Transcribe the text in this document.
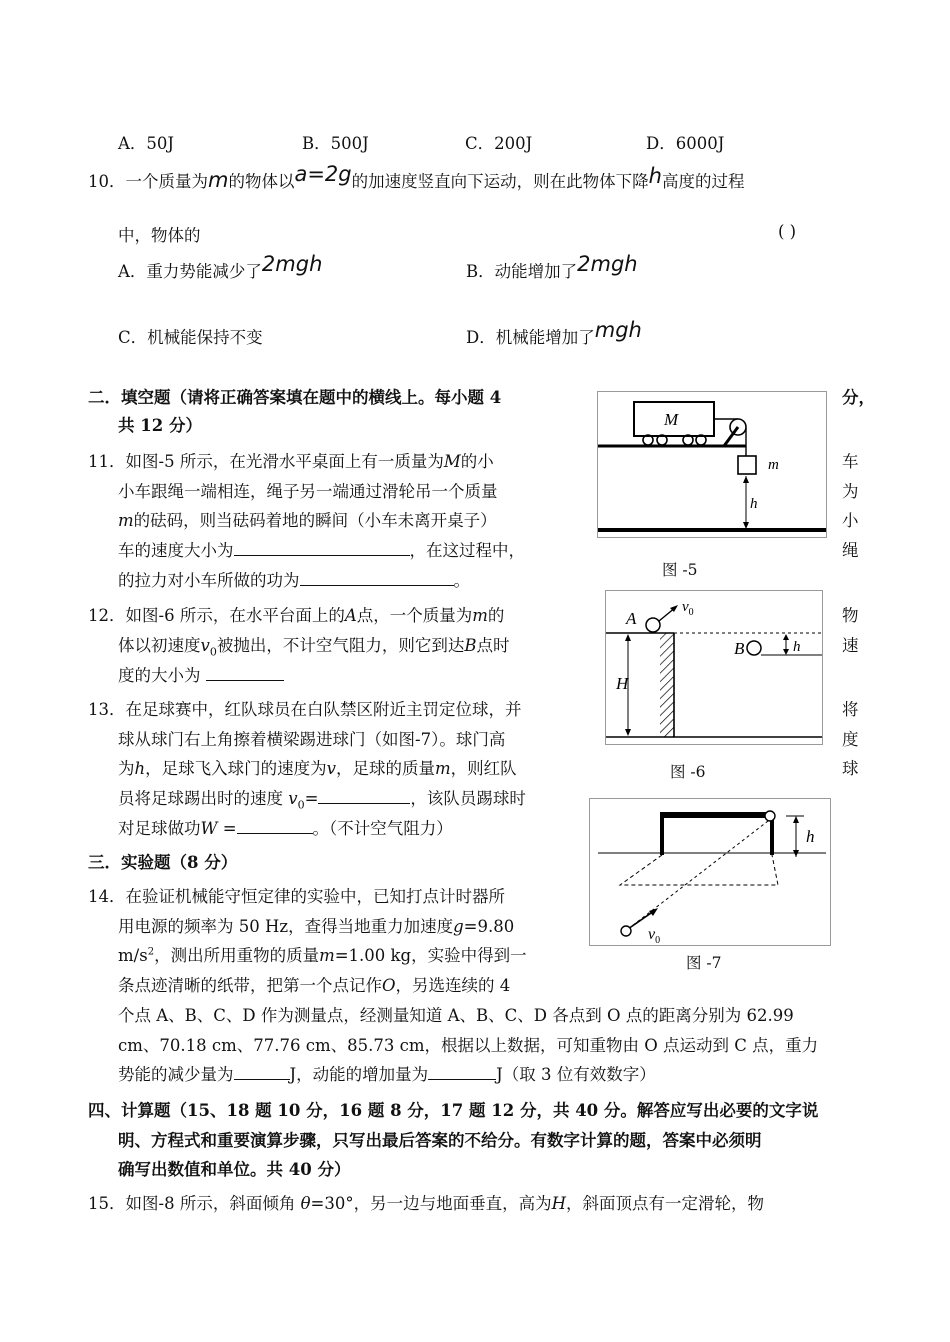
A．50J	B．500J	C．200J	D．6000J
10．一个质量为m的物体以a=2g的加速度竖直向下运动，则在此物体下降h高度的过程
中，物体的	( )
A．重力势能减少了2mgh	B．动能增加了2mgh
C．机械能保持不变	D．机械能增加了mgh
二．填空题（请将正确答案填在题中的横线上。每小题 4	分，
共 12 分）
11．如图-5 所示，在光滑水平桌面上有一质量为M的小	车
小车跟绳一端相连，绳子另一端通过滑轮吊一个质量	为
m的砝码，则当砝码着地的瞬间（小车未离开桌子）	小
车的速度大小为	，在这过程中，	绳
的拉力对小车所做的功为	。
12．如图-6 所示，在水平台面上的A点，一个质量为m的	物
体以初速度$v_0$被抛出，不计空气阻力，则它到达B点时	速
度的大小为
13．在足球赛中，红队球员在白队禁区附近主罚定位球，并	将
球从球门右上角擦着横梁踢进球门（如图-7）。球门高	度
为h，足球飞入球门的速度为v，足球的质量m，则红队	球
员将足球踢出时的速度 $v_0=$	，该队员踢球时
对足球做功W =	。（不计空气阻力）
三．实验题（8 分）
14．在验证机械能守恒定律的实验中，已知打点计时器所
用电源的频率为 50 Hz，查得当地重力加速度g=9.80
$m/s^2$，测出所用重物的质量m=1.00 kg，实验中得到一
条点迹清晰的纸带，把第一个点记作O，另选连续的 4
个点 A、B、C、D 作为测量点，经测量知道 A、B、C、D 各点到 O 点的距离分别为 62.99
cm、70.18 cm、77.76 cm、85.73 cm，根据以上数据，可知重物由 O 点运动到 C 点，重力
势能的减少量为	J，动能的增加量为	J（取 3 位有效数字）
四、计算题（15、18 题 10 分，16 题 8 分，17 题 12 分，共 40 分。解答应写出必要的文字说
明、方程式和重要演算步骤，只写出最后答案的不给分。有数字计算的题，答案中必须明
确写出数值和单位。共 40 分）
15．如图-8 所示，斜面倾角 θ=30°，另一边与地面垂直，高为H，斜面顶点有一定滑轮，物
M
m
h
图 -5
A
$v_0$
B	h
H
图 -6
h
$v_0$
图 -7
